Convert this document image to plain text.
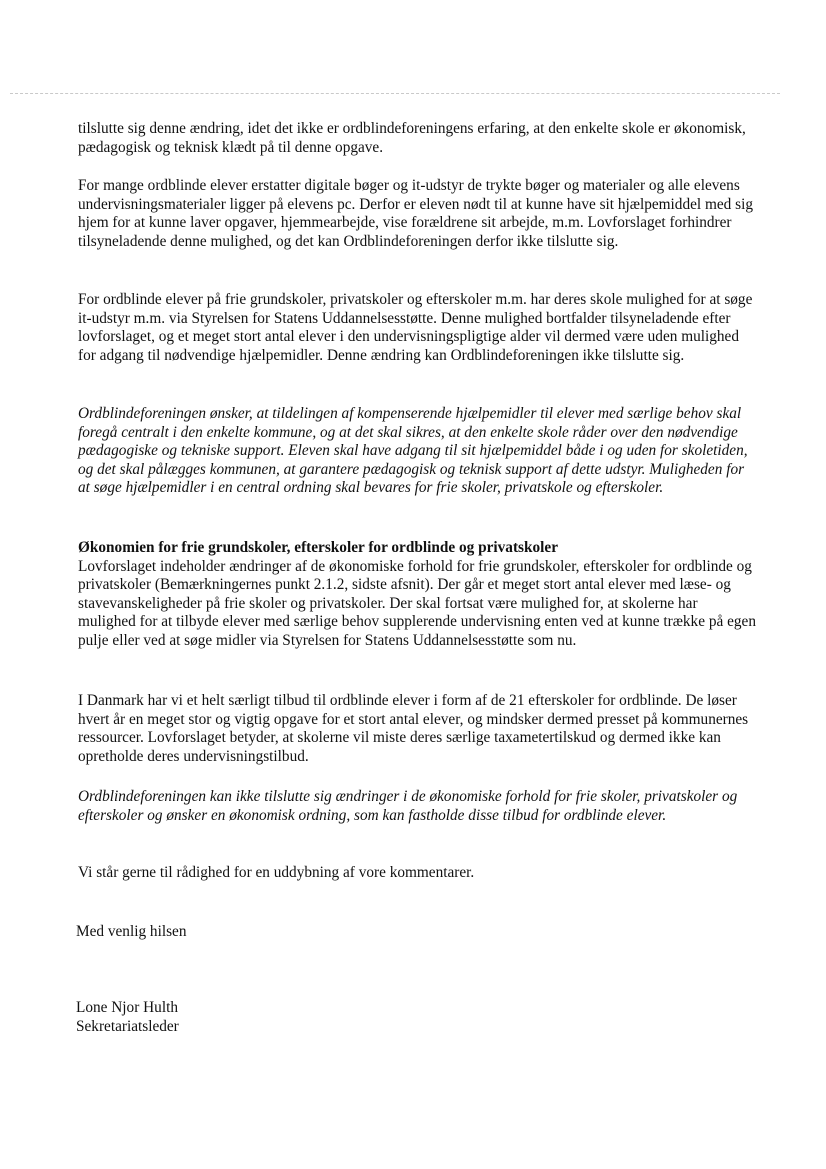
tilslutte sig denne ændring, idet det ikke er ordblindeforeningens erfaring, at den enkelte skole er økonomisk, pædagogisk og teknisk klædt på til denne opgave.

For mange ordblinde elever erstatter digitale bøger og it-udstyr de trykte bøger og materialer og alle elevens undervisningsmaterialer ligger på elevens pc. Derfor er eleven nødt til at kunne have sit hjælpemiddel med sig hjem for at kunne laver opgaver, hjemmearbejde, vise forældrene sit arbejde, m.m. Lovforslaget forhindrer tilsyneladende denne mulighed, og det kan Ordblindeforeningen derfor ikke tilslutte sig.

For ordblinde elever på frie grundskoler, privatskoler og efterskoler m.m. har deres skole mulighed for at søge it-udstyr m.m. via Styrelsen for Statens Uddannelsesstøtte. Denne mulighed bortfalder tilsyneladende efter lovforslaget, og et meget stort antal elever i den undervisningspligtige alder vil dermed være uden mulighed for adgang til nødvendige hjælpemidler. Denne ændring kan Ordblindeforeningen ikke tilslutte sig.

Ordblindeforeningen ønsker, at tildelingen af kompenserende hjælpemidler til elever med særlige behov skal foregå centralt i den enkelte kommune, og at det skal sikres, at den enkelte skole råder over den nødvendige pædagogiske og tekniske support. Eleven skal have adgang til sit hjælpemiddel både i og uden for skoletiden, og det skal pålægges kommunen, at garantere pædagogisk og teknisk support af dette udstyr. Muligheden for at søge hjælpemidler i en central ordning skal bevares for frie skoler, privatskole og efterskoler.

Økonomien for frie grundskoler, efterskoler for ordblinde og privatskoler
Lovforslaget indeholder ændringer af de økonomiske forhold for frie grundskoler, efterskoler for ordblinde og privatskoler (Bemærkningernes punkt 2.1.2, sidste afsnit). Der går et meget stort antal elever med læse- og stavevanskeligheder på frie skoler og privatskoler. Der skal fortsat være mulighed for, at skolerne har mulighed for at tilbyde elever med særlige behov supplerende undervisning enten ved at kunne trække på egen pulje eller ved at søge midler via Styrelsen for Statens Uddannelsesstøtte som nu.

I Danmark har vi et helt særligt tilbud til ordblinde elever i form af de 21 efterskoler for ordblinde. De løser hvert år en meget stor og vigtig opgave for et stort antal elever, og mindsker dermed presset på kommunernes ressourcer. Lovforslaget betyder, at skolerne vil miste deres særlige taxametertilskud og dermed ikke kan opretholde deres undervisningstilbud.

Ordblindeforeningen kan ikke tilslutte sig ændringer i de økonomiske forhold for frie skoler, privatskoler og efterskoler og ønsker en økonomisk ordning, som kan fastholde disse tilbud for ordblinde elever.

Vi står gerne til rådighed for en uddybning af vore kommentarer.

Med venlig hilsen

Lone Njor Hulth

Sekretariatsleder
